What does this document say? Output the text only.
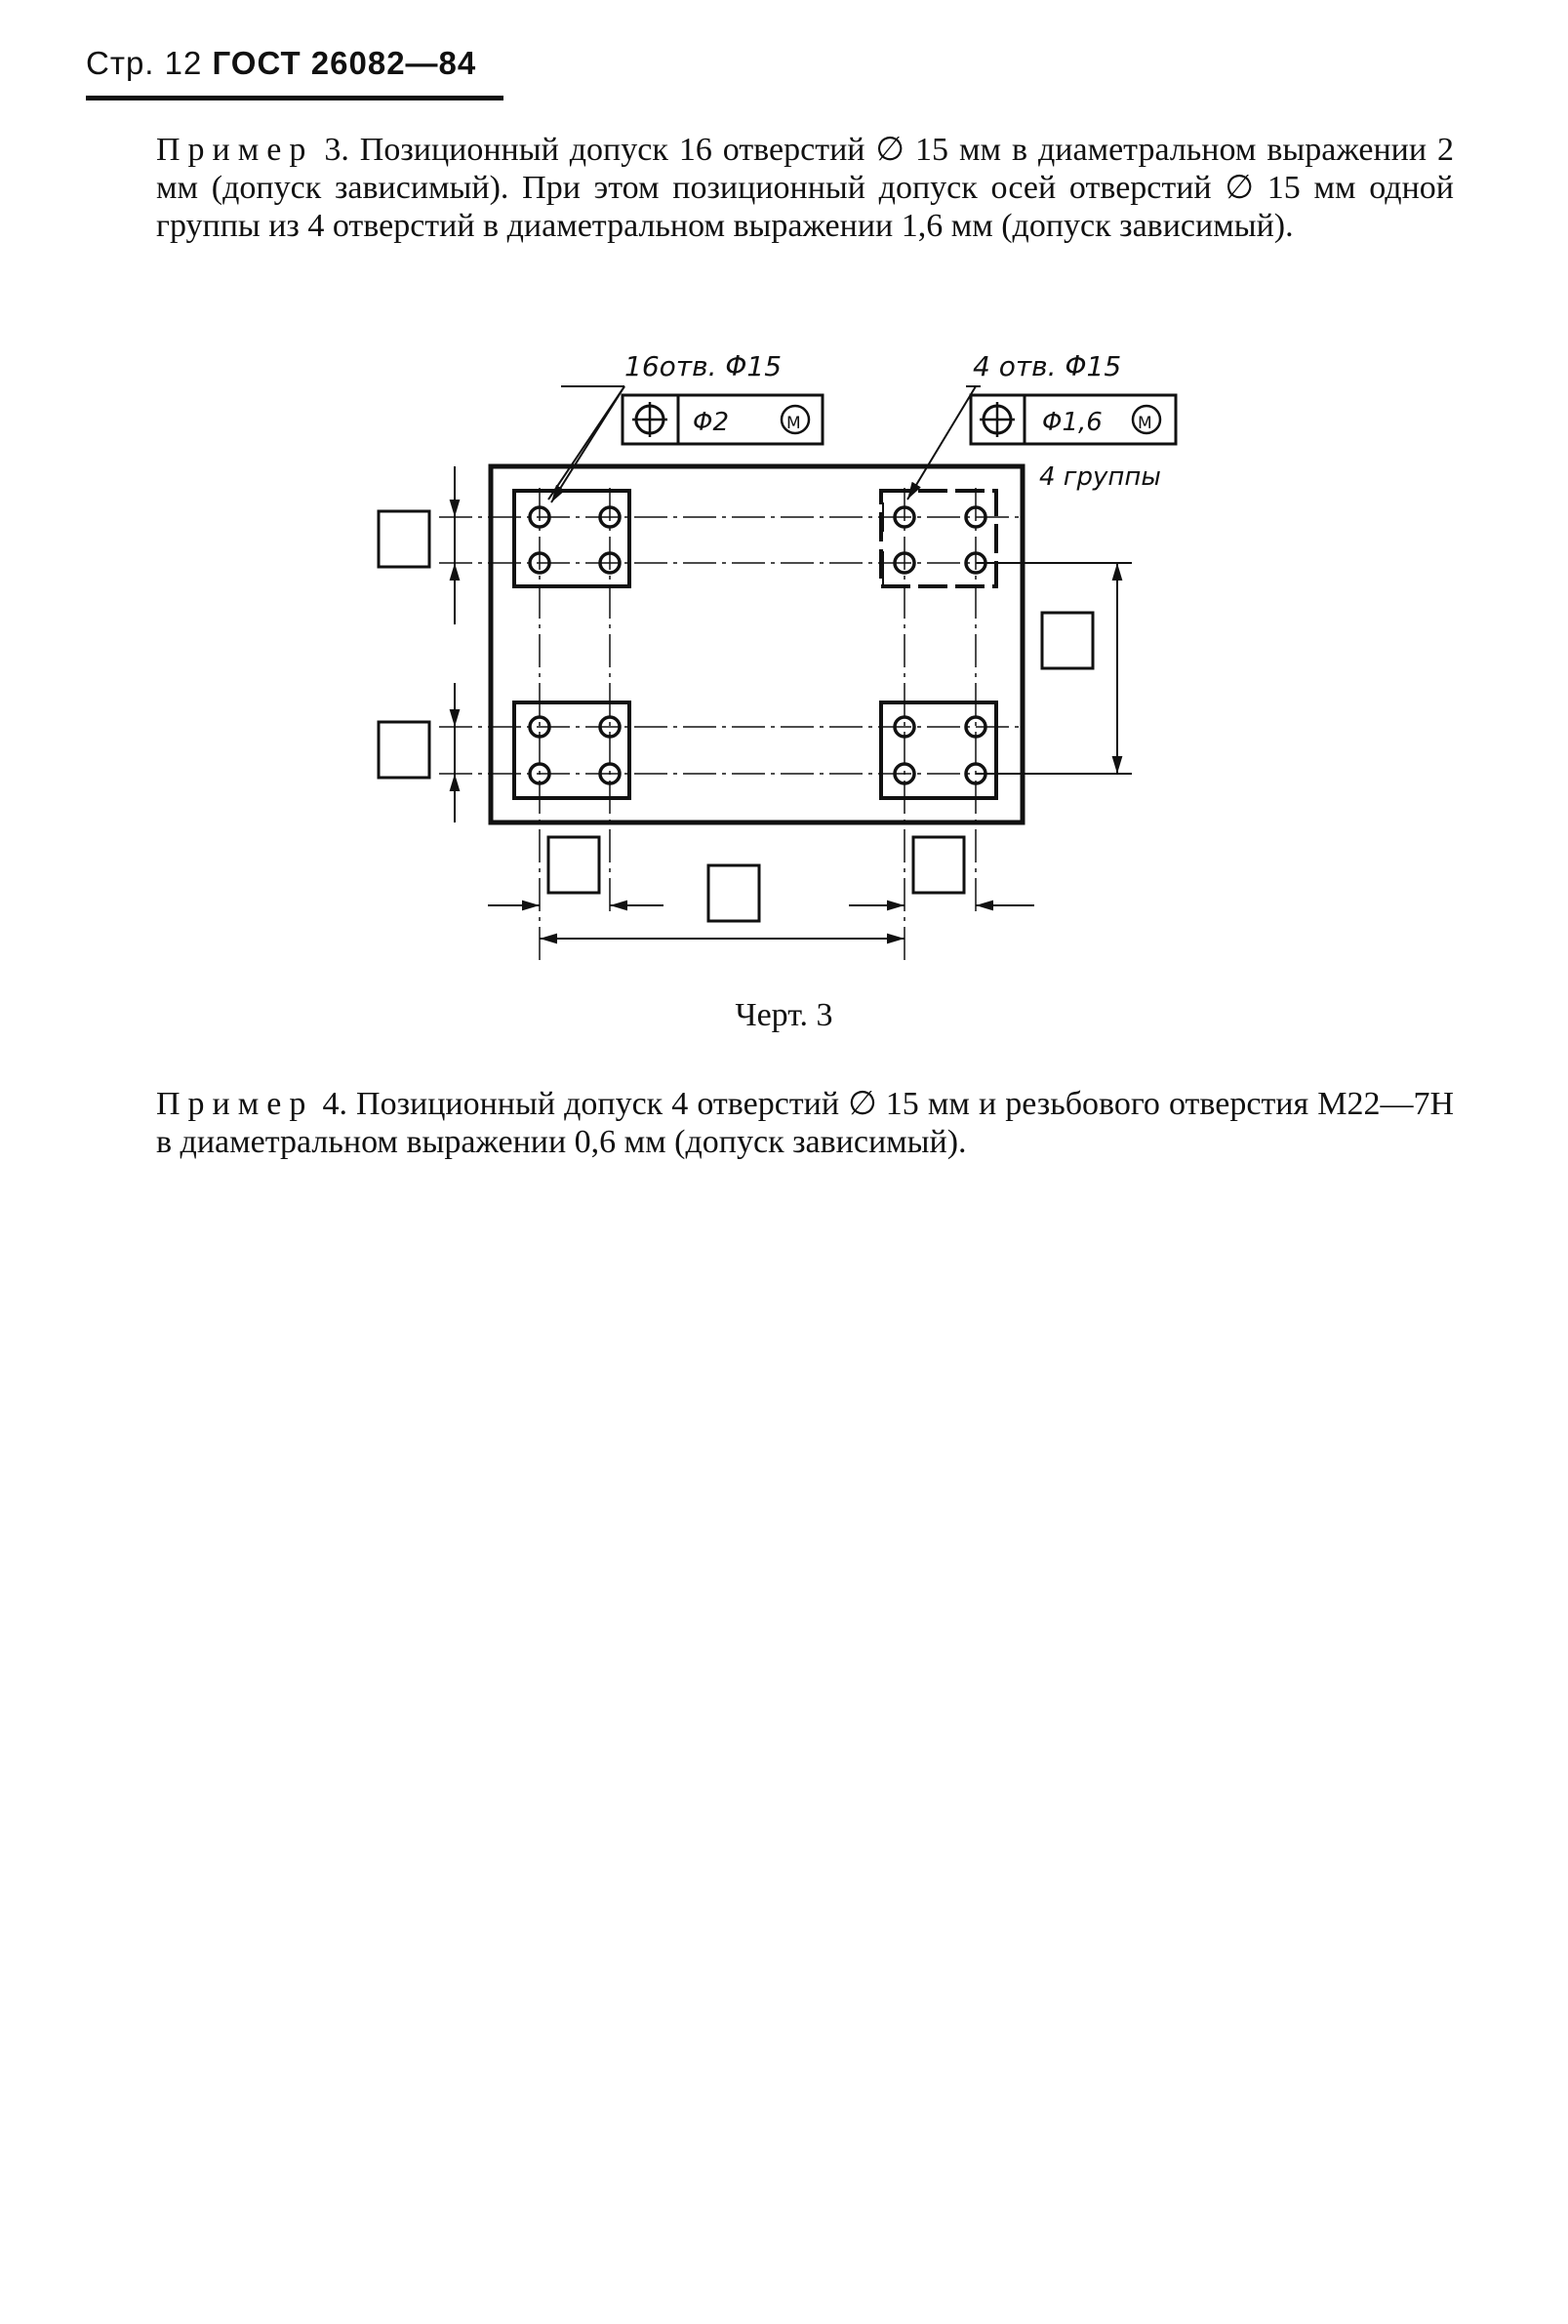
Стр. 12 ГОСТ 26082—84
Пример 3. Позиционный допуск 16 отверстий ∅ 15 мм в диаметральном выражении 2 мм (допуск зависимый). При этом позиционный допуск осей отверстий ∅ 15 мм одной группы из 4 отверстий в диаметральном выражении 1,6 мм (допуск зависимый).
16отв. Φ15	4 отв. Φ15
Φ2	Φ1,6
М	М
4 группы
Черт. 3
Пример 4. Позиционный допуск 4 отверстий ∅ 15 мм и резьбового отверстия М22—7Н в диаметральном выражении 0,6 мм (допуск зависимый).
